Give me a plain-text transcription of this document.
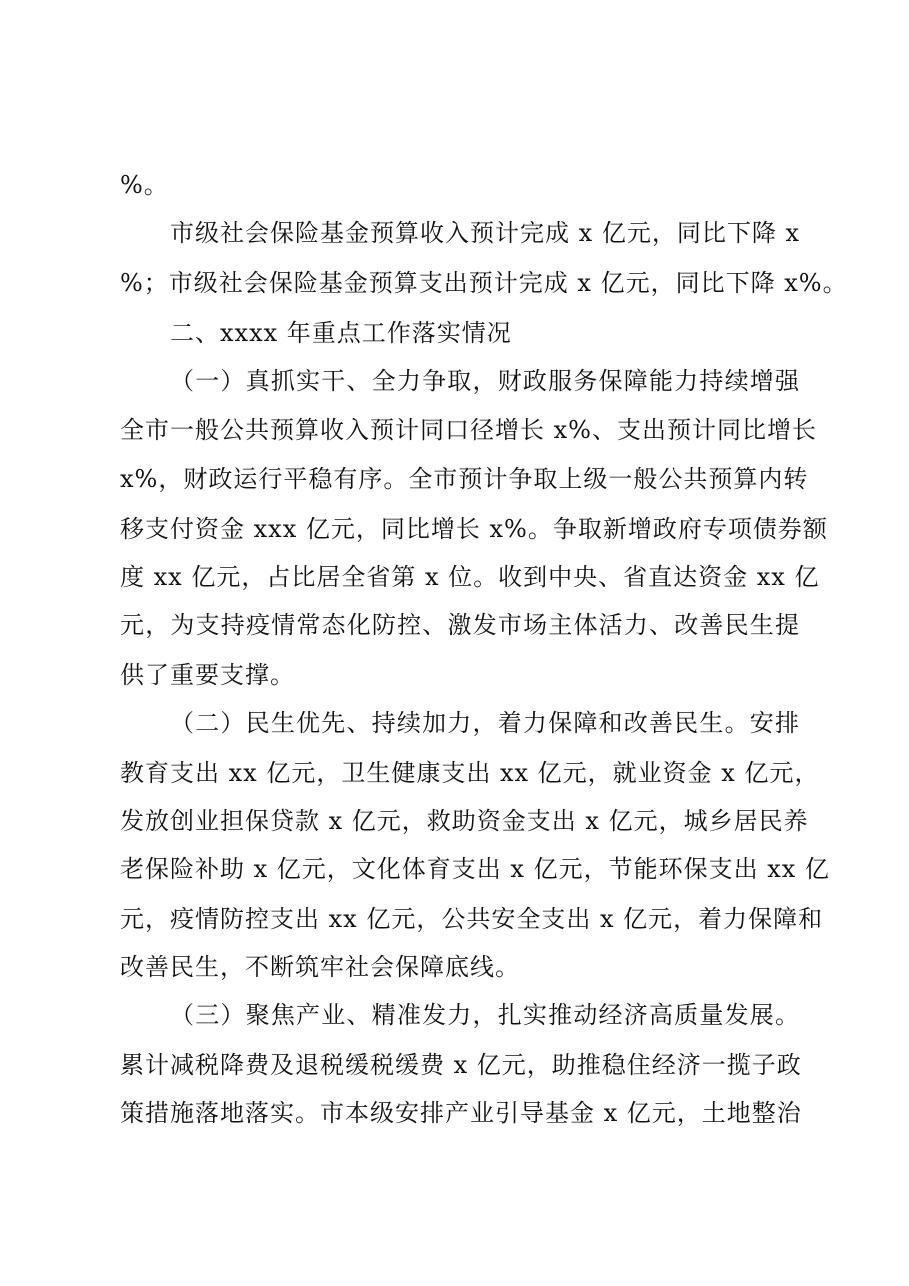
%。
市级社会保险基金预算收入预计完成 x 亿元，同比下降 x
%；市级社会保险基金预算支出预计完成 x 亿元，同比下降 x%。
二、xxxx 年重点工作落实情况
（一）真抓实干、全力争取，财政服务保障能力持续增强
全市一般公共预算收入预计同口径增长 x%、支出预计同比增长
x%，财政运行平稳有序。全市预计争取上级一般公共预算内转
移支付资金 xxx 亿元，同比增长 x%。争取新增政府专项债券额
度 xx 亿元，占比居全省第 x 位。收到中央、省直达资金 xx 亿
元，为支持疫情常态化防控、激发市场主体活力、改善民生提
供了重要支撑。
（二）民生优先、持续加力，着力保障和改善民生。安排
教育支出 xx 亿元，卫生健康支出 xx 亿元，就业资金 x 亿元，
发放创业担保贷款 x 亿元，救助资金支出 x 亿元，城乡居民养
老保险补助 x 亿元，文化体育支出 x 亿元，节能环保支出 xx 亿
元，疫情防控支出 xx 亿元，公共安全支出 x 亿元，着力保障和
改善民生，不断筑牢社会保障底线。
（三）聚焦产业、精准发力，扎实推动经济高质量发展。
累计减税降费及退税缓税缓费 x 亿元，助推稳住经济一揽子政
策措施落地落实。市本级安排产业引导基金 x 亿元，土地整治
